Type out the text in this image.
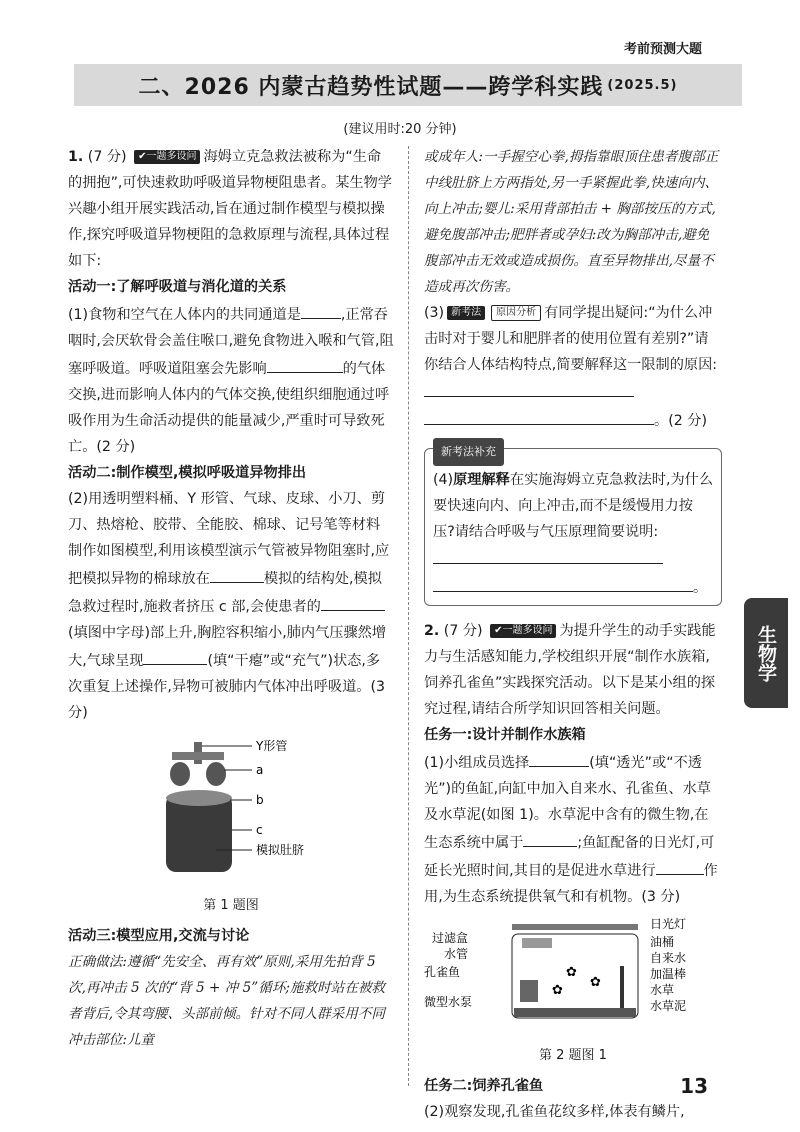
考前预测大题
二、2026 内蒙古趋势性试题——跨学科实践 (2025.5)
(建议用时:20 分钟)

1. (7 分) ✔一题多设问 海姆立克急救法被称为“生命的拥抱”,可快速救助呼吸道异物梗阻患者。某生物学兴趣小组开展实践活动,旨在通过制作模型与模拟操作,探究呼吸道异物梗阻的急救原理与流程,具体过程如下:

活动一:了解呼吸道与消化道的关系

(1)食物和空气在人体内的共同通道是	,正常吞咽时,会厌软骨会盖住喉口,避免食物进入喉和气管,阻塞呼吸道。呼吸道阻塞会先影响	的气体交换,进而影响人体内的气体交换,使组织细胞通过呼吸作用为生命活动提供的能量减少,严重时可导致死亡。(2 分)

活动二:制作模型,模拟呼吸道异物排出

(2)用透明塑料桶、Y 形管、气球、皮球、小刀、剪刀、热熔枪、胶带、全能胶、棉球、记号笔等材料制作如图模型,利用该模型演示气管被异物阻塞时,应把模拟异物的棉球放在	模拟的结构处,模拟急救过程时,施救者挤压 c 部,会使患者的(填图中字母)部上升,胸腔容积缩小,肺内气压骤然增大,气球呈现	(填“干瘪”或“充气”)状态,多次重复上述操作,异物可被肺内气体冲出呼吸道。(3 分)

Y形管
a
b
c
模拟肚脐
第 1 题图

活动三:模型应用,交流与讨论

正确做法:遵循“先安全、再有效”原则,采用先拍背 5 次,再冲击 5 次的“背 5 + 冲 5”循环;施救时站在被救者背后,令其弯腰、头部前倾。针对不同人群采用不同冲击部位:儿童

或成年人:一手握空心拳,拇指靠眼顶住患者腹部正中线肚脐上方两指处,另一手紧握此拳,快速向内、向上冲击;婴儿:采用背部拍击 + 胸部按压的方式,避免腹部冲击;肥胖者或孕妇:改为胸部冲击,避免腹部冲击无效或造成损伤。直至异物排出,尽量不造成再次伤害。

(3) 新考法 原因分析 有同学提出疑问:“为什么冲击时对于婴儿和肥胖者的使用位置有差别?”请你结合人体结构特点,简要解释这一限制的原因:
。(2 分)

新考法补充

(4)原理解释在实施海姆立克急救法时,为什么要快速向内、向上冲击,而不是缓慢用力按压?请结合呼吸与气压原理简要说明:
。

2. (7 分) ✔一题多设问 为提升学生的动手实践能力与生活感知能力,学校组织开展“制作水族箱,饲养孔雀鱼”实践探究活动。以下是某小组的探究过程,请结合所学知识回答相关问题。

任务一:设计并制作水族箱

(1)小组成员选择	(填“透光”或“不透光”)的鱼缸,向缸中加入自来水、孔雀鱼、水草及水草泥(如图 1)。水草泥中含有的微生物,在生态系统中属于	;鱼缸配备的日光灯,可延长光照时间,其目的是促进水草进行	作用,为生态系统提供氧气和有机物。(3 分)

✿
✿
✿
过滤盒
水管
孔雀鱼
微型水泵
日光灯
油桶
自来水
加温棒
水草
水草泥
第 2 题图 1

任务二:饲养孔雀鱼

(2)观察发现,孔雀鱼花纹多样,体表有鳞片,

生物学
13
